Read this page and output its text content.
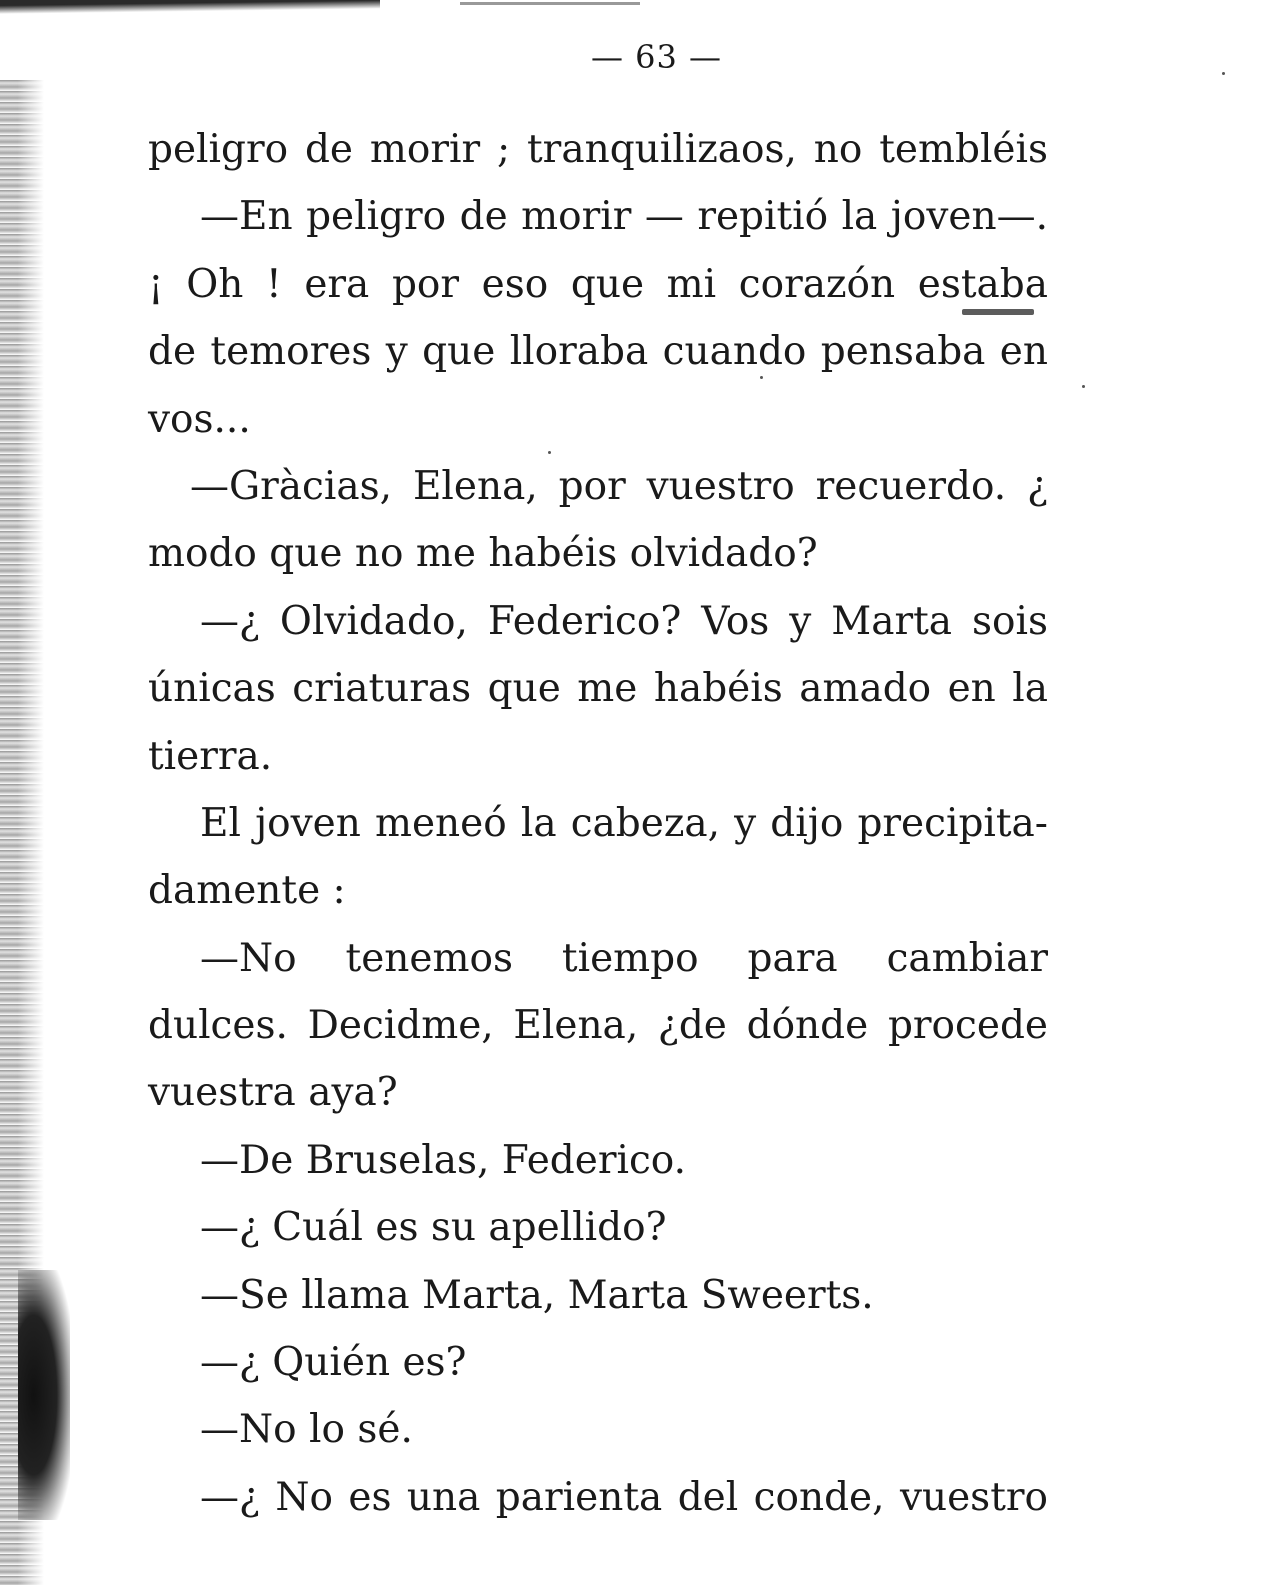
— 63 —
peligro de morir ; tranquilizaos, no tembléis
—En peligro de morir — repitió la joven—.
¡ Oh ! era por eso que mi corazón estaba
de temores y que lloraba cuando pensaba en
vos...
—Gràcias, Elena, por vuestro recuerdo. ¿
modo que no me habéis olvidado?
—¿ Olvidado, Federico? Vos y Marta sois
únicas criaturas que me habéis amado en la
tierra.
El joven meneó la cabeza, y dijo precipita-
damente :
—No tenemos tiempo para cambiar
dulces. Decidme, Elena, ¿de dónde procede
vuestra aya?
—De Bruselas, Federico.
—¿ Cuál es su apellido?
—Se llama Marta, Marta Sweerts.
—¿ Quién es?
—No lo sé.
—¿ No es una parienta del conde, vuestro
